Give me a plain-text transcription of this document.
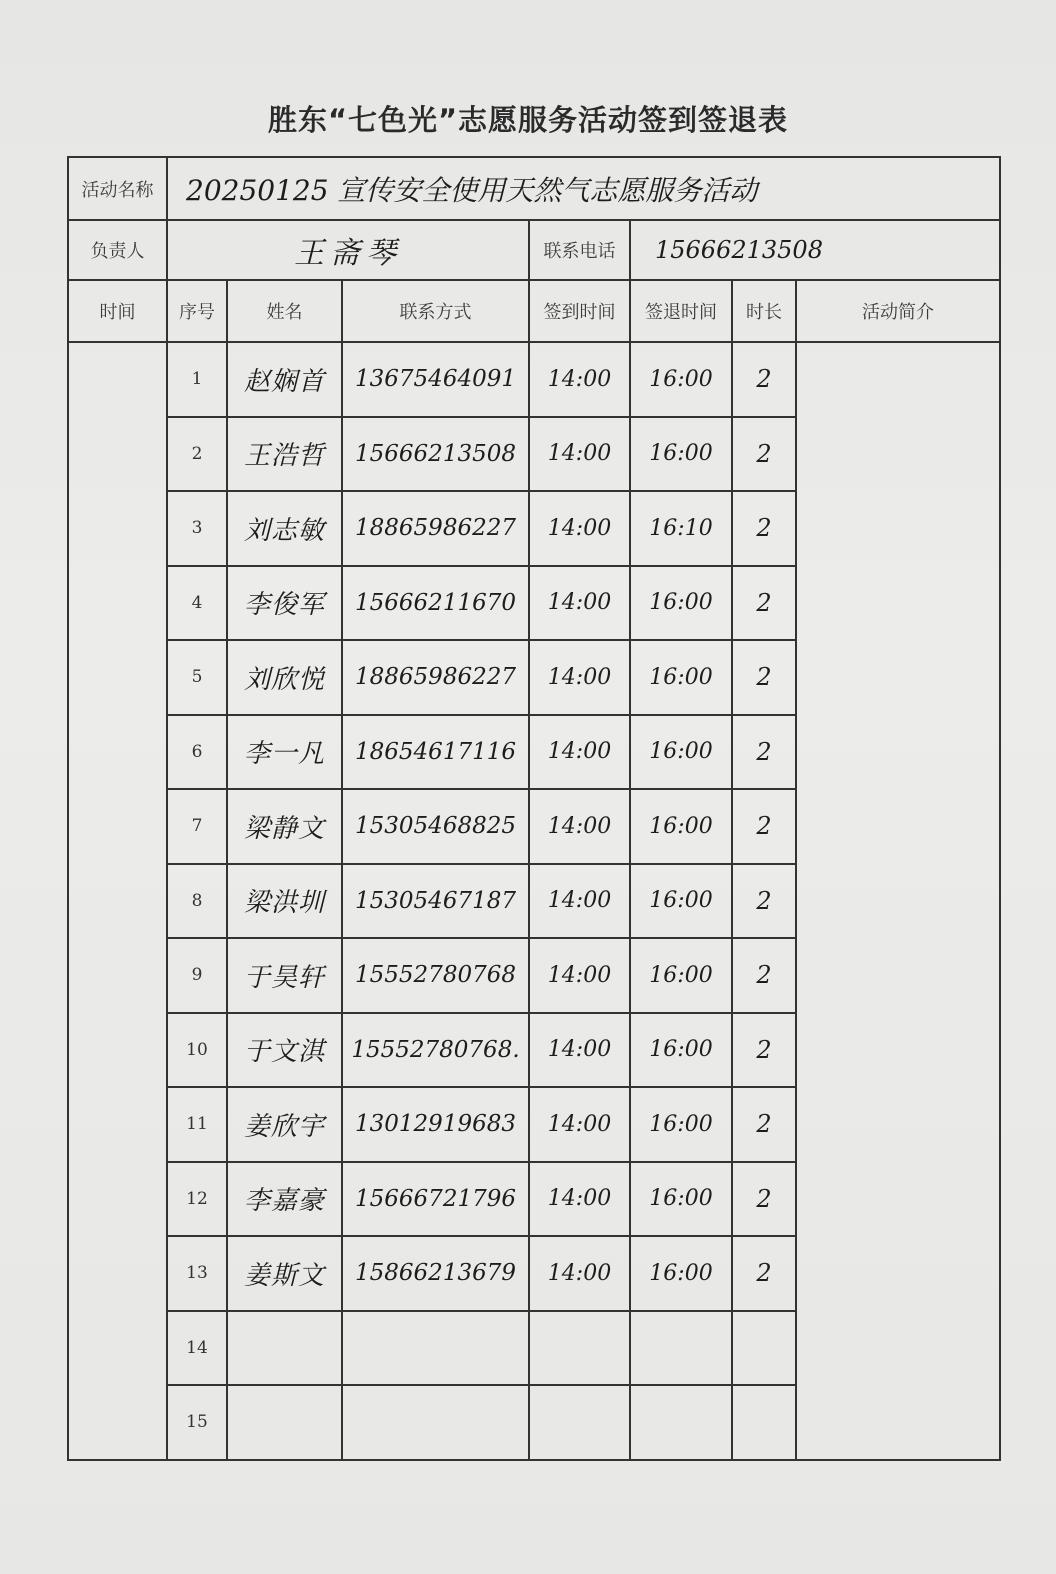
胜东“七色光”志愿服务活动签到签退表
活动名称	20250125 宣传安全使用天然气志愿服务活动						
负责人	王斋琴			联系电话	15666213508		
时间	序号	姓名	联系方式	签到时间	签退时间	时长	活动简介
	1	赵娴首	13675464091	14:00	16:00	2	
	2	王浩哲	15666213508	14:00	16:00	2	
	3	刘志敏	18865986227	14:00	16:10	2	
	4	李俊军	15666211670	14:00	16:00	2	
	5	刘欣悦	18865986227	14:00	16:00	2	
	6	李一凡	18654617116	14:00	16:00	2	
	7	梁静文	15305468825	14:00	16:00	2	
	8	梁洪圳	15305467187	14:00	16:00	2	
	9	于昊轩	15552780768	14:00	16:00	2	
	10	于文淇	15552780768.	14:00	16:00	2	
	11	姜欣宇	13012919683	14:00	16:00	2	
	12	李嘉豪	15666721796	14:00	16:00	2	
	13	姜斯文	15866213679	14:00	16:00	2	
	14						
	15						
